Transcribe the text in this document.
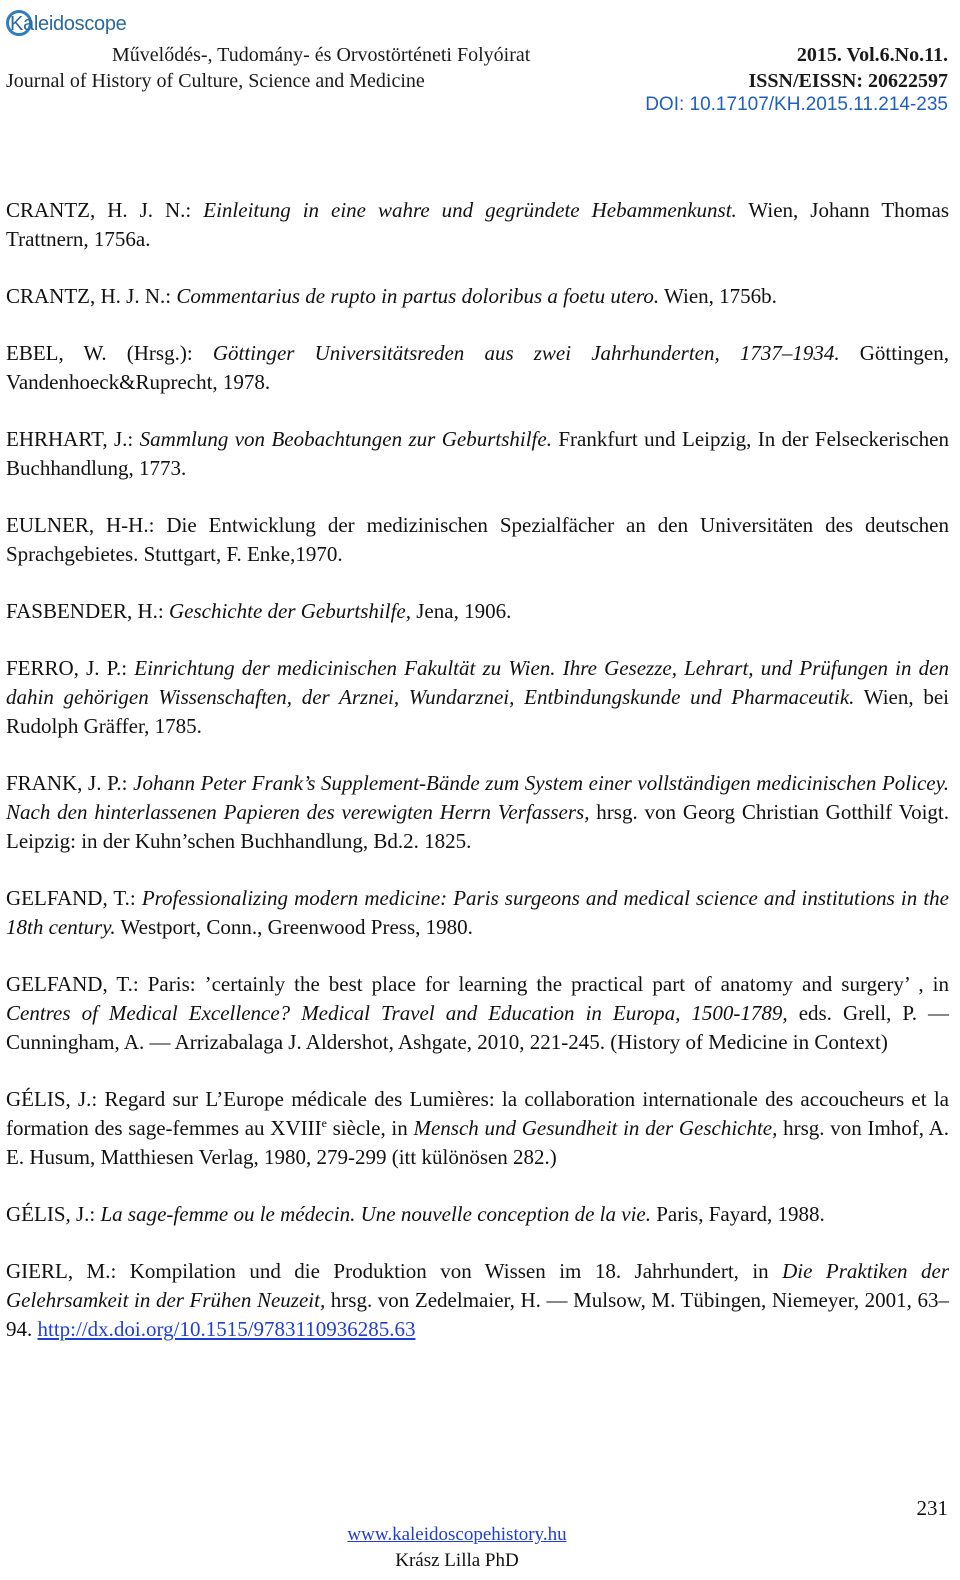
Kaleidoscope
Művelődés-, Tudomány- és Orvostörténeti Folyóirat	2015. Vol.6.No.11.
Journal of History of Culture, Science and Medicine	ISSN/EISSN: 20622597
DOI: 10.17107/KH.2015.11.214-235

CRANTZ, H. J. N.: Einleitung in eine wahre und gegründete Hebammenkunst. Wien, Johann Thomas Trattnern, 1756a.

CRANTZ, H. J. N.: Commentarius de rupto in partus doloribus a foetu utero. Wien, 1756b.

EBEL, W. (Hrsg.): Göttinger Universitätsreden aus zwei Jahrhunderten, 1737–1934. Göttingen, Vandenhoeck&Ruprecht, 1978.

EHRHART, J.: Sammlung von Beobachtungen zur Geburtshilfe. Frankfurt und Leipzig, In der Felseckerischen Buchhandlung, 1773.

EULNER, H-H.: Die Entwicklung der medizinischen Spezialfächer an den Universitäten des deutschen Sprachgebietes. Stuttgart, F. Enke,1970.

FASBENDER, H.: Geschichte der Geburtshilfe, Jena, 1906.

FERRO, J. P.: Einrichtung der medicinischen Fakultät zu Wien. Ihre Gesezze, Lehrart, und Prüfungen in den dahin gehörigen Wissenschaften, der Arznei, Wundarznei, Entbindungskunde und Pharmaceutik. Wien, bei Rudolph Gräffer, 1785.

FRANK, J. P.: Johann Peter Frank’s Supplement-Bände zum System einer vollständigen medicinischen Policey. Nach den hinterlassenen Papieren des verewigten Herrn Verfassers, hrsg. von Georg Christian Gotthilf Voigt. Leipzig: in der Kuhn’schen Buchhandlung, Bd.2. 1825.

GELFAND, T.: Professionalizing modern medicine: Paris surgeons and medical science and institutions in the 18th century. Westport, Conn., Greenwood Press, 1980.

GELFAND, T.: Paris: ’certainly the best place for learning the practical part of anatomy and surgery’ , in Centres of Medical Excellence? Medical Travel and Education in Europa, 1500-1789, eds. Grell, P. — Cunningham, A. — Arrizabalaga J. Aldershot, Ashgate, 2010, 221-245. (History of Medicine in Context)

GÉLIS, J.: Regard sur L’Europe médicale des Lumières: la collaboration internationale des accoucheurs et la formation des sage-femmes au XVIIIe siècle, in Mensch und Gesundheit in der Geschichte, hrsg. von Imhof, A. E. Husum, Matthiesen Verlag, 1980, 279-299 (itt különösen 282.)

GÉLIS, J.: La sage-femme ou le médecin. Une nouvelle conception de la vie. Paris, Fayard, 1988.

GIERL, M.: Kompilation und die Produktion von Wissen im 18. Jahrhundert, in Die Praktiken der Gelehrsamkeit in der Frühen Neuzeit, hrsg. von Zedelmaier, H. — Mulsow, M. Tübingen, Niemeyer, 2001, 63–94. http://dx.doi.org/10.1515/9783110936285.63

231
www.kaleidoscopehistory.hu
Krász Lilla PhD
